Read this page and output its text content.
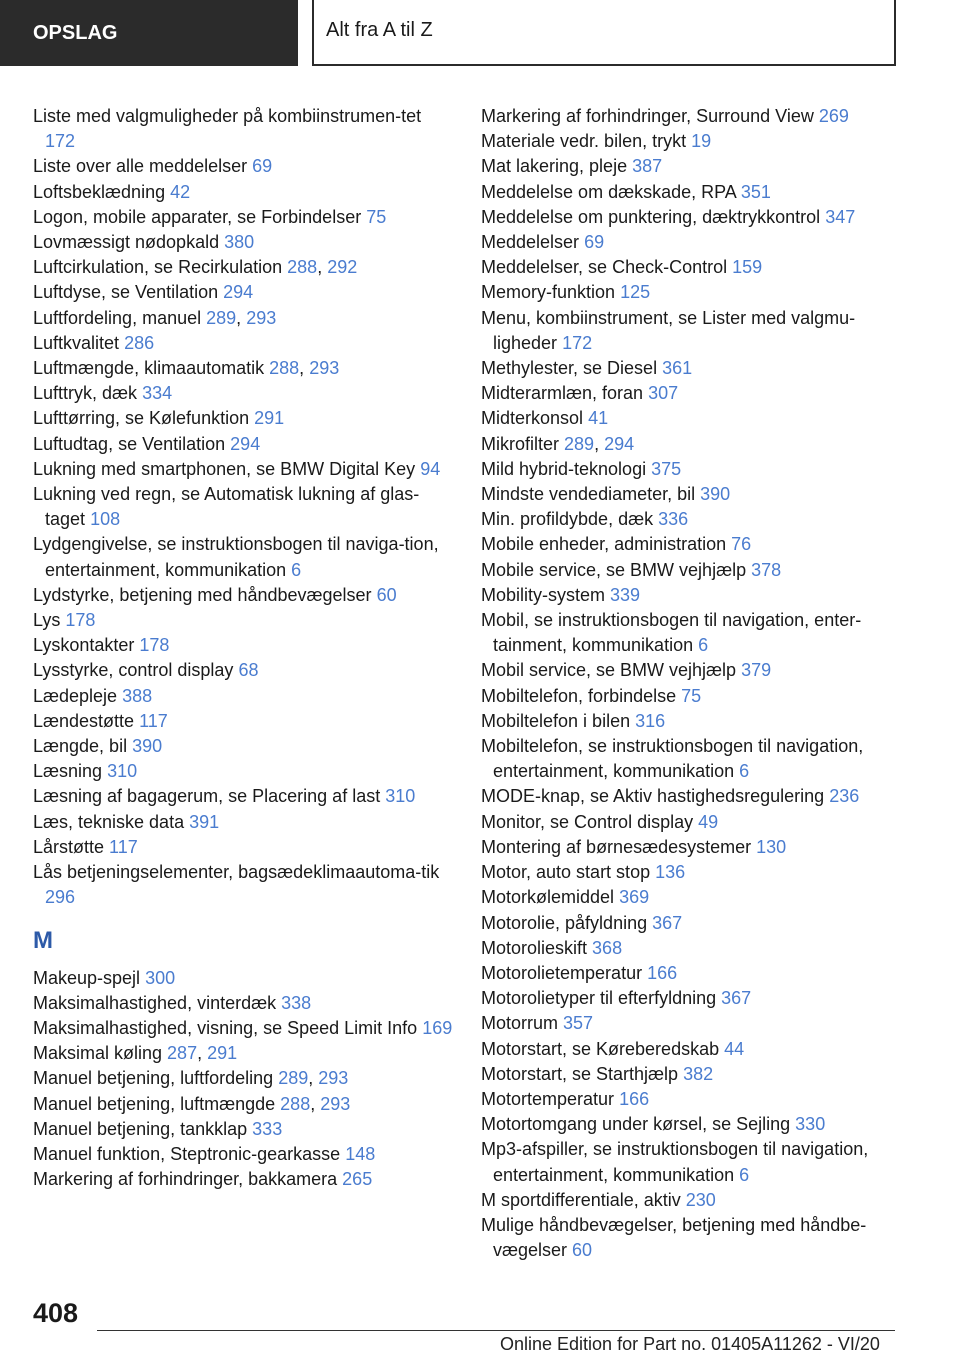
OPSLAG	Alt fra A til Z
Liste med valgmuligheder på kombiinstrumen-tet 172
Liste over alle meddelelser 69
Loftsbeklædning 42
Logon, mobile apparater, se Forbindelser 75
Lovmæssigt nødopkald 380
Luftcirkulation, se Recirkulation 288, 292
Luftdyse, se Ventilation 294
Luftfordeling, manuel 289, 293
Luftkvalitet 286
Luftmængde, klimaautomatik 288, 293
Lufttryk, dæk 334
Lufttørring, se Kølefunktion 291
Luftudtag, se Ventilation 294
Lukning med smartphonen, se BMW Digital Key 94
Lukning ved regn, se Automatisk lukning af glas-taget 108
Lydgengivelse, se instruktionsbogen til naviga-tion, entertainment, kommunikation 6
Lydstyrke, betjening med håndbevægelser 60
Lys 178
Lyskontakter 178
Lysstyrke, control display 68
Lædepleje 388
Lændestøtte 117
Længde, bil 390
Læsning 310
Læsning af bagagerum, se Placering af last 310
Læs, tekniske data 391
Lårstøtte 117
Lås betjeningselementer, bagsædeklimaautoma-tik 296
M
Makeup-spejl 300
Maksimalhastighed, vinterdæk 338
Maksimalhastighed, visning, se Speed Limit Info 169
Maksimal køling 287, 291
Manuel betjening, luftfordeling 289, 293
Manuel betjening, luftmængde 288, 293
Manuel betjening, tankklap 333
Manuel funktion, Steptronic-gearkasse 148
Markering af forhindringer, bakkamera 265
Markering af forhindringer, Surround View 269
Materiale vedr. bilen, trykt 19
Mat lakering, pleje 387
Meddelelse om dækskade, RPA 351
Meddelelse om punktering, dæktrykkontrol 347
Meddelelser 69
Meddelelser, se Check-Control 159
Memory-funktion 125
Menu, kombiinstrument, se Lister med valgmu-ligheder 172
Methylester, se Diesel 361
Midterarmlæn, foran 307
Midterkonsol 41
Mikrofilter 289, 294
Mild hybrid-teknologi 375
Mindste vendediameter, bil 390
Min. profildybde, dæk 336
Mobile enheder, administration 76
Mobile service, se BMW vejhjælp 378
Mobility-system 339
Mobil, se instruktionsbogen til navigation, enter-tainment, kommunikation 6
Mobil service, se BMW vejhjælp 379
Mobiltelefon, forbindelse 75
Mobiltelefon i bilen 316
Mobiltelefon, se instruktionsbogen til navigation, entertainment, kommunikation 6
MODE-knap, se Aktiv hastighedsregulering 236
Monitor, se Control display 49
Montering af børnesædesystemer 130
Motor, auto start stop 136
Motorkølemiddel 369
Motorolie, påfyldning 367
Motorolieskift 368
Motorolietemperatur 166
Motorolietyper til efterfyldning 367
Motorrum 357
Motorstart, se Køreberedskab 44
Motorstart, se Starthjælp 382
Motortemperatur 166
Motortomgang under kørsel, se Sejling 330
Mp3-afspiller, se instruktionsbogen til navigation, entertainment, kommunikation 6
M sportdifferentiale, aktiv 230
Mulige håndbevægelser, betjening med håndbe-vægelser 60
408
Online Edition for Part no. 01405A11262 - VI/20
